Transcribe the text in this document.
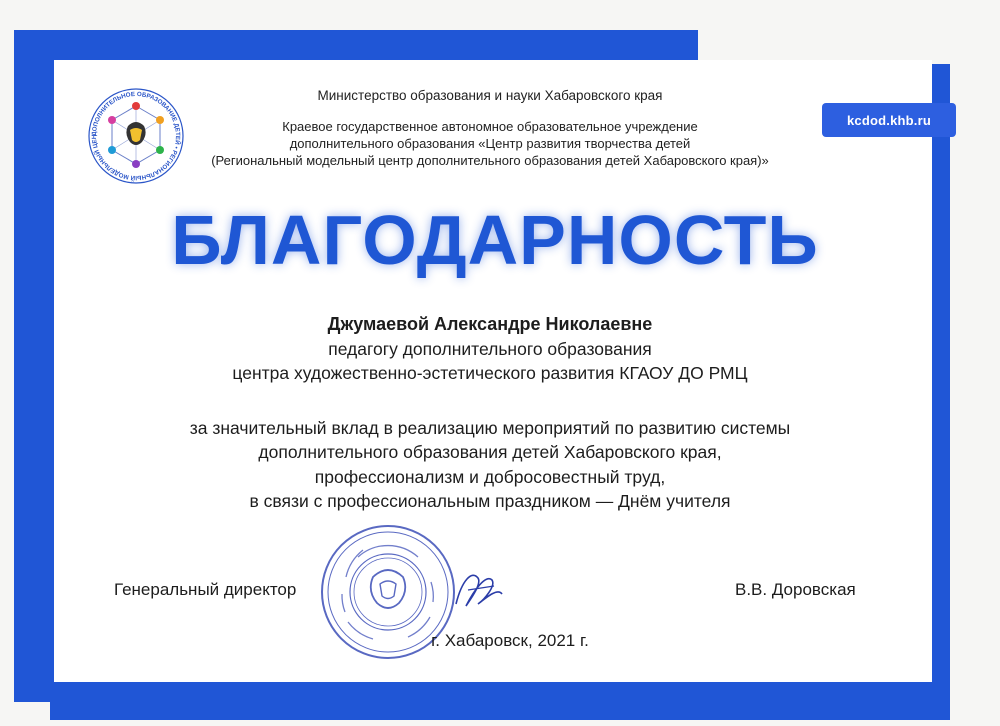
kcdod.khb.ru
ДОПОЛНИТЕЛЬНОЕ ОБРАЗОВАНИЕ ДЕТЕЙ • РЕГИОНАЛЬНЫЙ МОДЕЛЬНЫЙ ЦЕН
Министерство образования и науки Хабаровского края
Краевое государственное автономное образовательное учреждение
дополнительного образования «Центр развития творчества детей
(Региональный модельный центр дополнительного образования детей Хабаровского края)»
БЛАГОДАРНОСТЬ
Джумаевой Александре Николаевне
педагогу дополнительного образования
центра художественно-эстетического развития КГАОУ ДО РМЦ
за значительный вклад в реализацию мероприятий по развитию системы
дополнительного образования детей Хабаровского края,
профессионализм и добросовестный труд,
в связи с профессиональным праздником — Днём учителя
Генеральный директор	В.В. Доровская
г. Хабаровск, 2021 г.
